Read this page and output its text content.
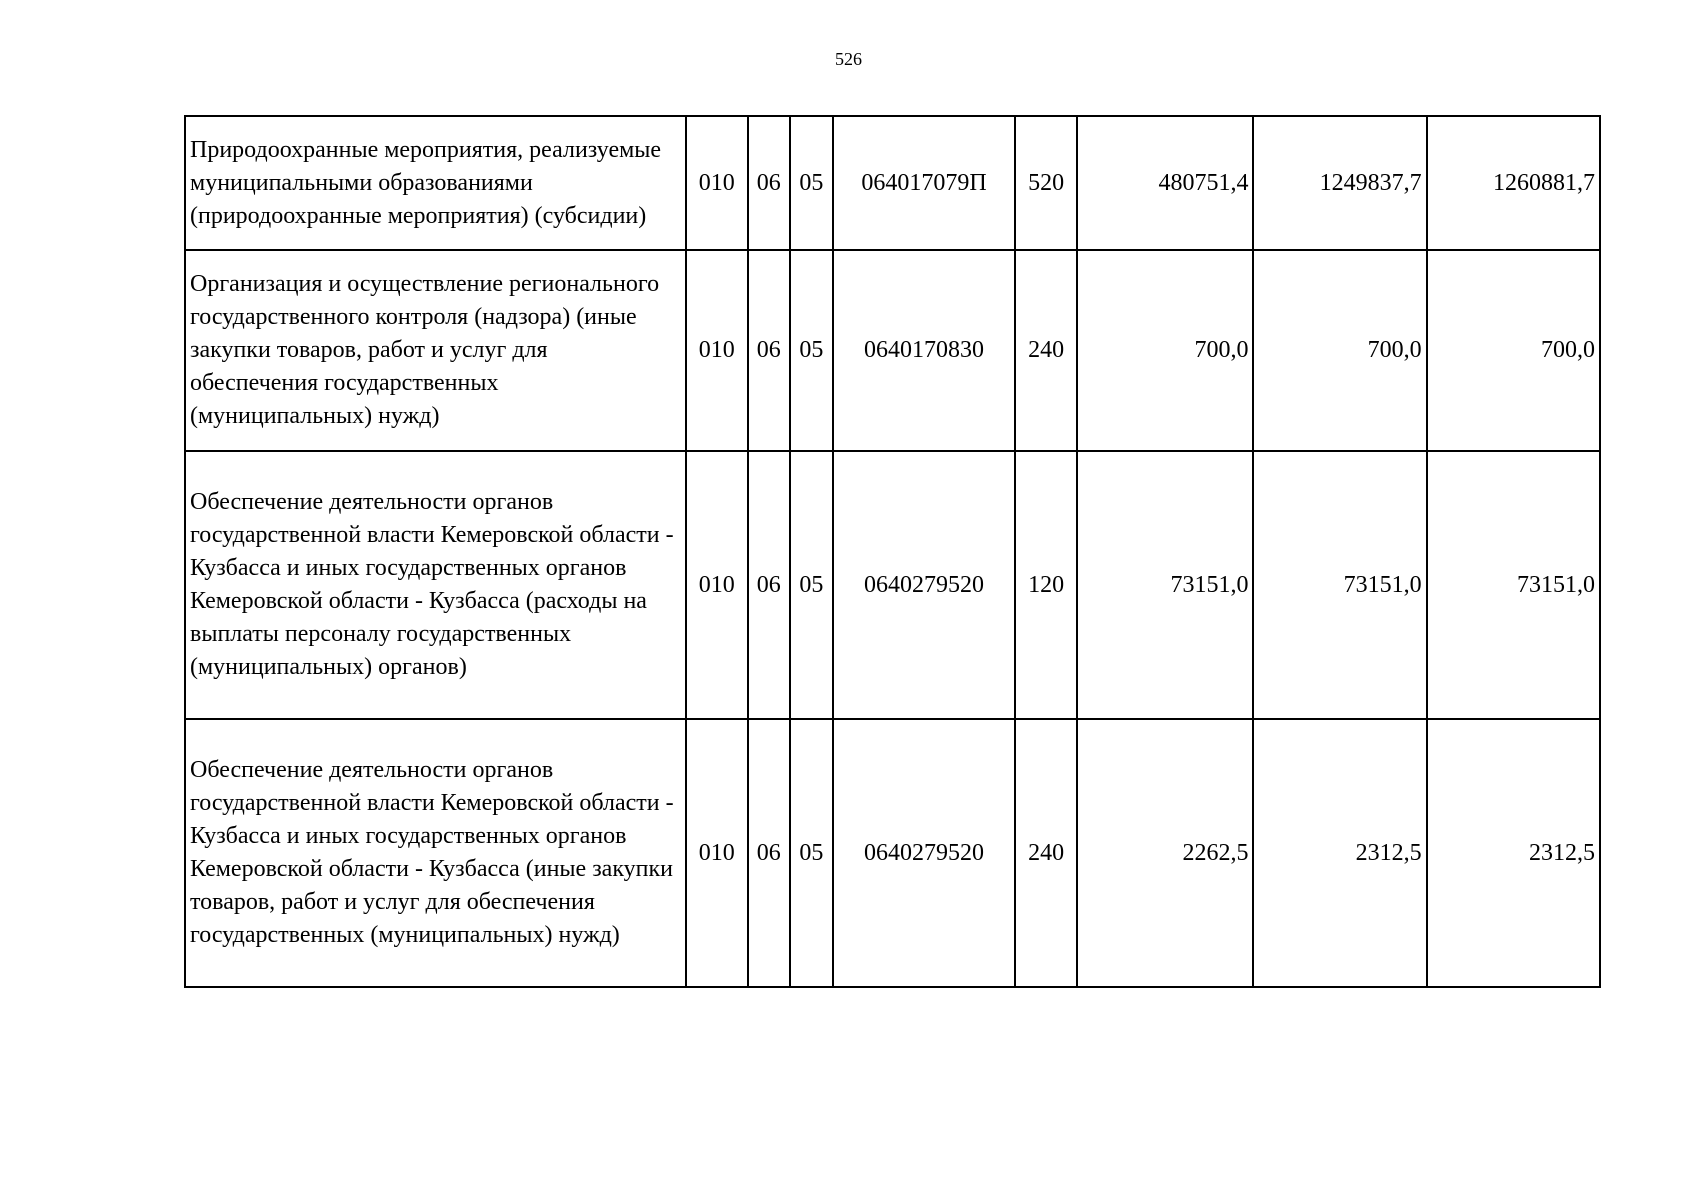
526
Природоохранные мероприятия, реализуемые муниципальными образованиями (природоохранные мероприятия) (субсидии)	010	06	05	064017079П	520	480751,4	1249837,7	1260881,7
Организация и осуществление регионального государственного контроля (надзора) (иные закупки товаров, работ и услуг для обеспечения государственных (муниципальных) нужд)	010	06	05	0640170830	240	700,0	700,0	700,0
Обеспечение деятельности органов государственной власти Кемеровской области - Кузбасса и иных государственных органов Кемеровской области - Кузбасса (расходы на выплаты персоналу государственных (муниципальных) органов)	010	06	05	0640279520	120	73151,0	73151,0	73151,0
Обеспечение деятельности органов государственной власти Кемеровской области - Кузбасса и иных государственных органов Кемеровской области - Кузбасса (иные закупки товаров, работ и услуг для обеспечения государственных (муниципальных) нужд)	010	06	05	0640279520	240	2262,5	2312,5	2312,5
